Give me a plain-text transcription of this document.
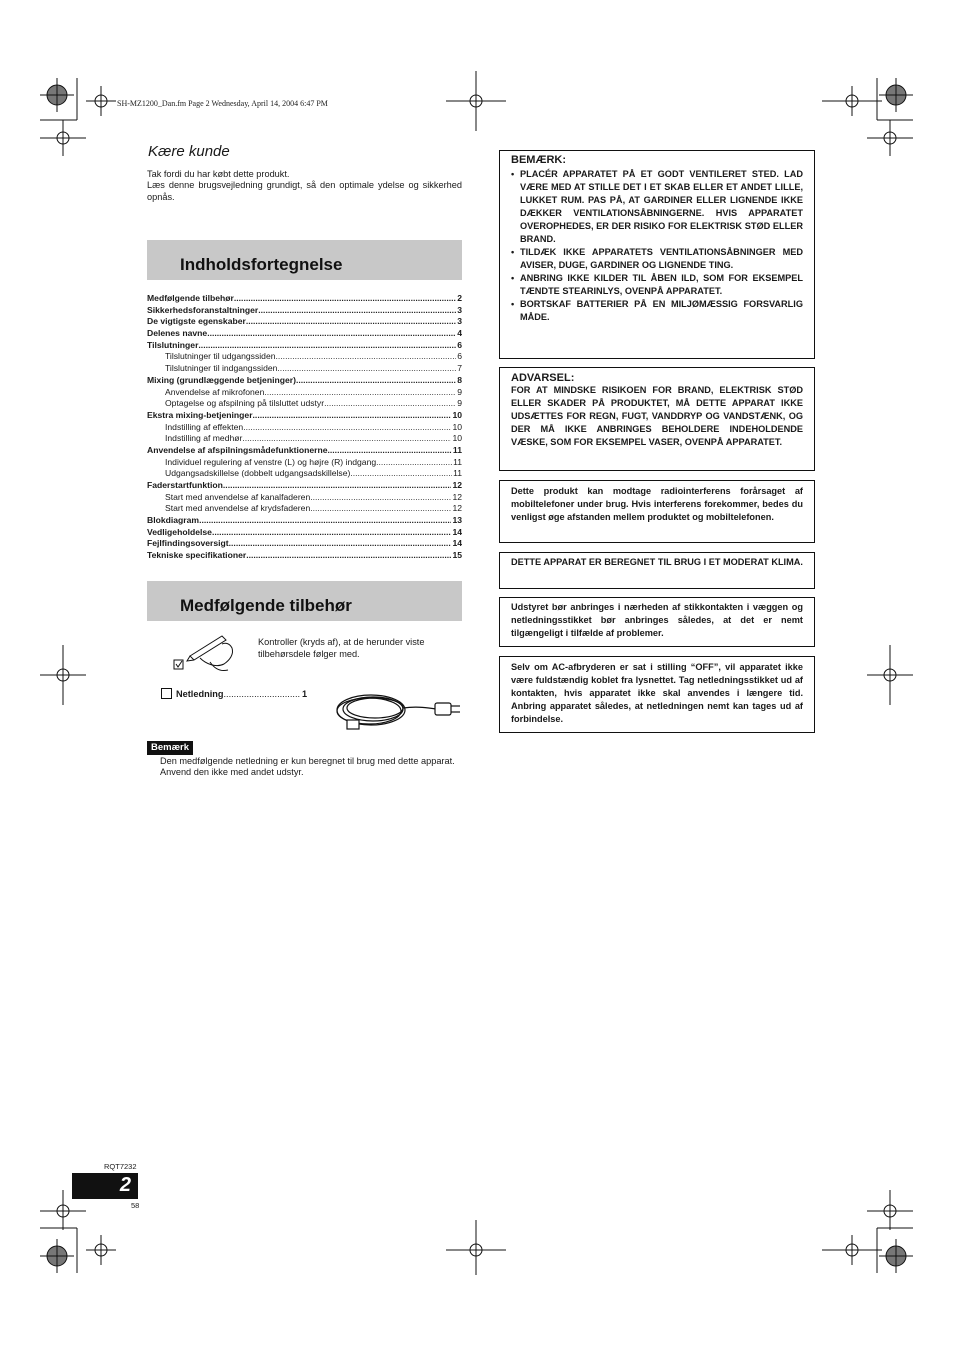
SH-MZ1200_Dan.fm Page 2 Wednesday, April 14, 2004 6:47 PM
Kære kunde

Tak fordi du har købt dette produkt.

Læs denne brugsvejledning grundigt, så den optimale ydelse og sikkerhed opnås.

Indholdsfortegnelse
Medfølgende tilbehør .....	2
Sikkerhedsforanstaltninger .....	3
De vigtigste egenskaber .....	3
Delenes navne .....	4
Tilslutninger .....	6
Tilslutninger til udgangssiden .....	6
Tilslutninger til indgangssiden .....	7
Mixing (grundlæggende betjeninger) .....	8
Anvendelse af mikrofonen .....	9
Optagelse og afspilning på tilsluttet udstyr .....	9
Ekstra mixing-betjeninger .....	10
Indstilling af effekten .....	10
Indstilling af medhør .....	10
Anvendelse af afspilningsmådefunktionerne .....	11
Individuel regulering af venstre (L) og højre (R) indgang .....	11
Udgangsadskillelse (dobbelt udgangsadskillelse) .....	11
Faderstartfunktion .....	12
Start med anvendelse af kanalfaderen .....	12
Start med anvendelse af krydsfaderen .....	12
Blokdiagram .....	13
Vedligeholdelse .....	14
Fejlfindingsoversigt .....	14
Tekniske specifikationer .....	15
Medfølgende tilbehør
Kontroller (kryds af), at de herunder viste tilbehørsdele følger med.
Netledning .............................. 1
Bemærk

Den medfølgende netledning er kun beregnet til brug med dette apparat.

Anvend den ikke med andet udstyr.

BEMÆRK:
• PLACÉR APPARATET PÅ ET GODT VENTILERET STED. LAD VÆRE MED AT STILLE DET I ET SKAB ELLER ET ANDET LILLE, LUKKET RUM. PAS PÅ, AT GARDINER ELLER LIGNENDE IKKE DÆKKER VENTILATIONSÅBNINGERNE. HVIS APPARATET OVEROPHEDES, ER DER RISIKO FOR ELEKTRISK STØD ELLER BRAND.
• TILDÆK IKKE APPARATETS VENTILATIONSÅBNINGER MED AVISER, DUGE, GARDINER OG LIGNENDE TING.
• ANBRING IKKE KILDER TIL ÅBEN ILD, SOM FOR EKSEMPEL TÆNDTE STEARINLYS, OVENPÅ APPARATET.
• BORTSKAF BATTERIER PÅ EN MILJØMÆSSIG FORSVARLIG MÅDE.
ADVARSEL:
FOR AT MINDSKE RISIKOEN FOR BRAND, ELEKTRISK STØD ELLER SKADER PÅ PRODUKTET, MÅ DETTE APPARAT IKKE UDSÆTTES FOR REGN, FUGT, VANDDRYP OG VANDSTÆNK, OG DER MÅ IKKE ANBRINGES BEHOLDERE INDEHOLDENDE VÆSKE, SOM FOR EKSEMPEL VASER, OVENPÅ APPARATET.
Dette produkt kan modtage radiointerferens forårsaget af mobiltelefoner under brug. Hvis interferens forekommer, bedes du venligst øge afstanden mellem produktet og mobiltelefonen.
DETTE APPARAT ER BEREGNET TIL BRUG I ET MODERAT KLIMA.
Udstyret bør anbringes i nærheden af stikkontakten i væggen og netledningsstikket bør anbringes således, at det er nemt tilgængeligt i tilfælde af problemer.
Selv om AC-afbryderen er sat i stilling “OFF”, vil apparatet ikke være fuldstændig koblet fra lysnettet. Tag netledningsstikket ud af kontakten, hvis apparatet ikke skal anvendes i længere tid. Anbring apparatet således, at netledningen nemt kan tages ud af forbindelse.
RQT7232
2
58
